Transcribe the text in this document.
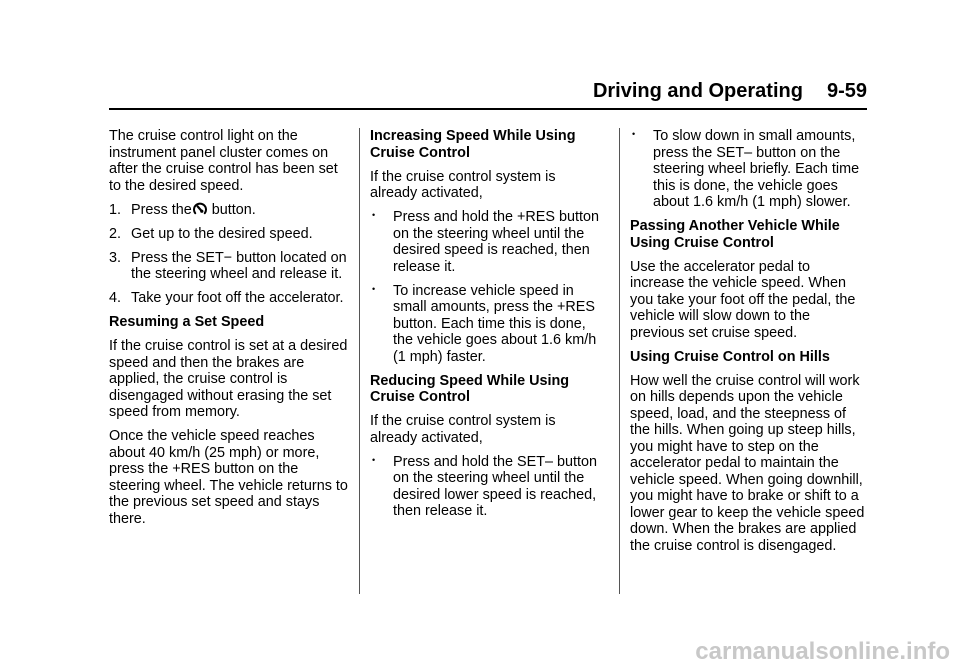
Driving and Operating 9-59

The cruise control light on the instrument panel cluster comes on after the cruise control has been set to the desired speed.

1. Press the
button.
2. Get up to the desired speed.
3. Press the SET− button located on the steering wheel and release it.
4. Take your foot off the accelerator.

Resuming a Set Speed

If the cruise control is set at a desired speed and then the brakes are applied, the cruise control is disengaged without erasing the set speed from memory.

Once the vehicle speed reaches about 40 km/h (25 mph) or more, press the +RES button on the steering wheel. The vehicle returns to the previous set speed and stays there.

Increasing Speed While Using Cruise Control

If the cruise control system is already activated,

•	Press and hold the +RES button on the steering wheel until the desired speed is reached, then release it.
•	To increase vehicle speed in small amounts, press the +RES button. Each time this is done, the vehicle goes about 1.6 km/h (1 mph) faster.

Reducing Speed While Using Cruise Control

If the cruise control system is already activated,

•	Press and hold the SET– button on the steering wheel until the desired lower speed is reached, then release it.
•	To slow down in small amounts, press the SET– button on the steering wheel briefly. Each time this is done, the vehicle goes about 1.6 km/h (1 mph) slower.

Passing Another Vehicle While Using Cruise Control

Use the accelerator pedal to increase the vehicle speed. When you take your foot off the pedal, the vehicle will slow down to the previous set cruise speed.

Using Cruise Control on Hills

How well the cruise control will work on hills depends upon the vehicle speed, load, and the steepness of the hills. When going up steep hills, you might have to step on the accelerator pedal to maintain the vehicle speed. When going downhill, you might have to brake or shift to a lower gear to keep the vehicle speed down. When the brakes are applied the cruise control is disengaged.

carmanualsonline.info
